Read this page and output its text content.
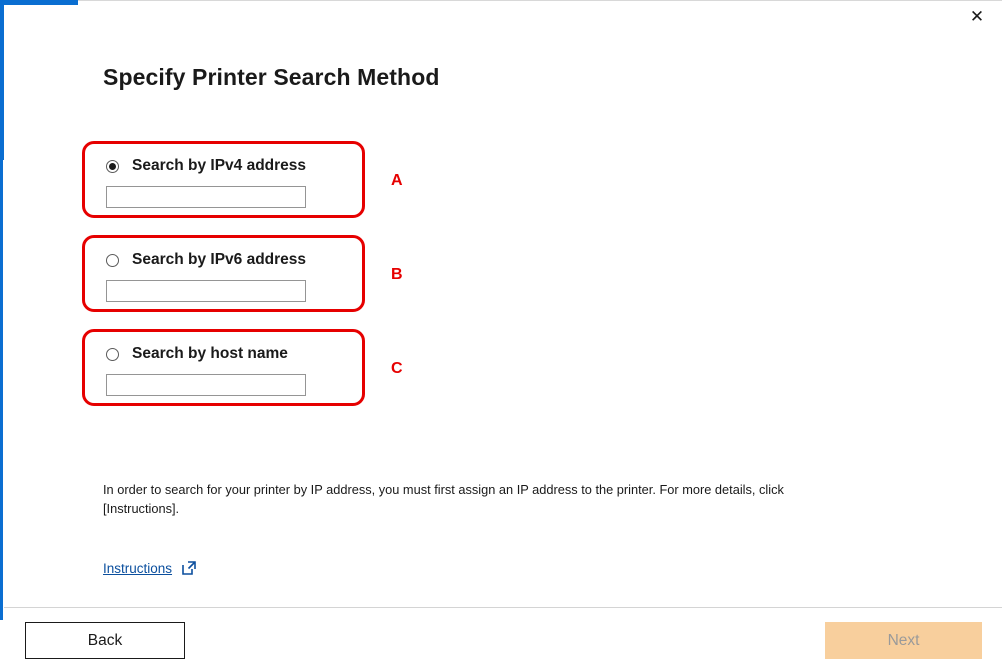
✕
Specify Printer Search Method
Search by IPv4 address
A
Search by IPv6 address
B
Search by host name
C
In order to search for your printer by IP address, you must first assign an IP address to the printer. For more details, click [Instructions].
Instructions
Back	Next
